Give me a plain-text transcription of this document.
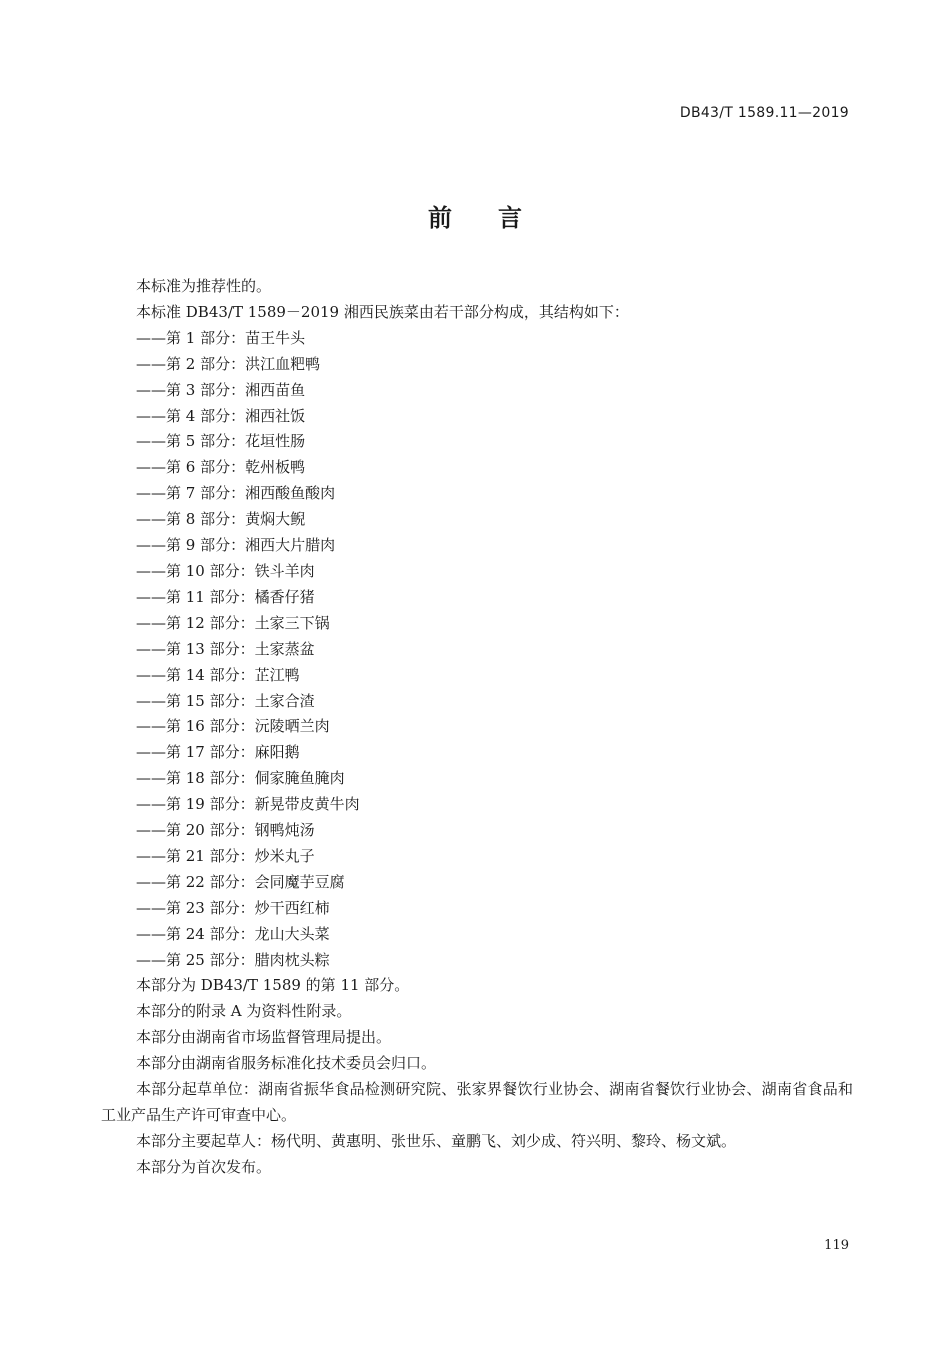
DB43/T 1589.11—2019
前 言

本标准为推荐性的。

本标准 DB43/T 1589－2019 湘西民族菜由若干部分构成，其结构如下：

——第 1 部分：苗王牛头
——第 2 部分：洪江血粑鸭
——第 3 部分：湘西苗鱼
——第 4 部分：湘西社饭
——第 5 部分：花垣性肠
——第 6 部分：乾州板鸭
——第 7 部分：湘西酸鱼酸肉
——第 8 部分：黄焖大鲵
——第 9 部分：湘西大片腊肉
——第 10 部分：铁斗羊肉
——第 11 部分：橘香仔猪
——第 12 部分：土家三下锅
——第 13 部分：土家蒸盆
——第 14 部分：芷江鸭
——第 15 部分：土家合渣
——第 16 部分：沅陵晒兰肉
——第 17 部分：麻阳鹅
——第 18 部分：侗家腌鱼腌肉
——第 19 部分：新晃带皮黄牛肉
——第 20 部分：钢鸭炖汤
——第 21 部分：炒米丸子
——第 22 部分：会同魔芋豆腐
——第 23 部分：炒干西红柿
——第 24 部分：龙山大头菜
——第 25 部分：腊肉枕头粽

本部分为 DB43/T 1589 的第 11 部分。

本部分的附录 A 为资料性附录。

本部分由湖南省市场监督管理局提出。

本部分由湖南省服务标准化技术委员会归口。

本部分起草单位：湖南省振华食品检测研究院、张家界餐饮行业协会、湖南省餐饮行业协会、湖南省食品和工业产品生产许可审查中心。

本部分主要起草人：杨代明、黄惠明、张世乐、童鹏飞、刘少成、符兴明、黎玲、杨文斌。

本部分为首次发布。

119
